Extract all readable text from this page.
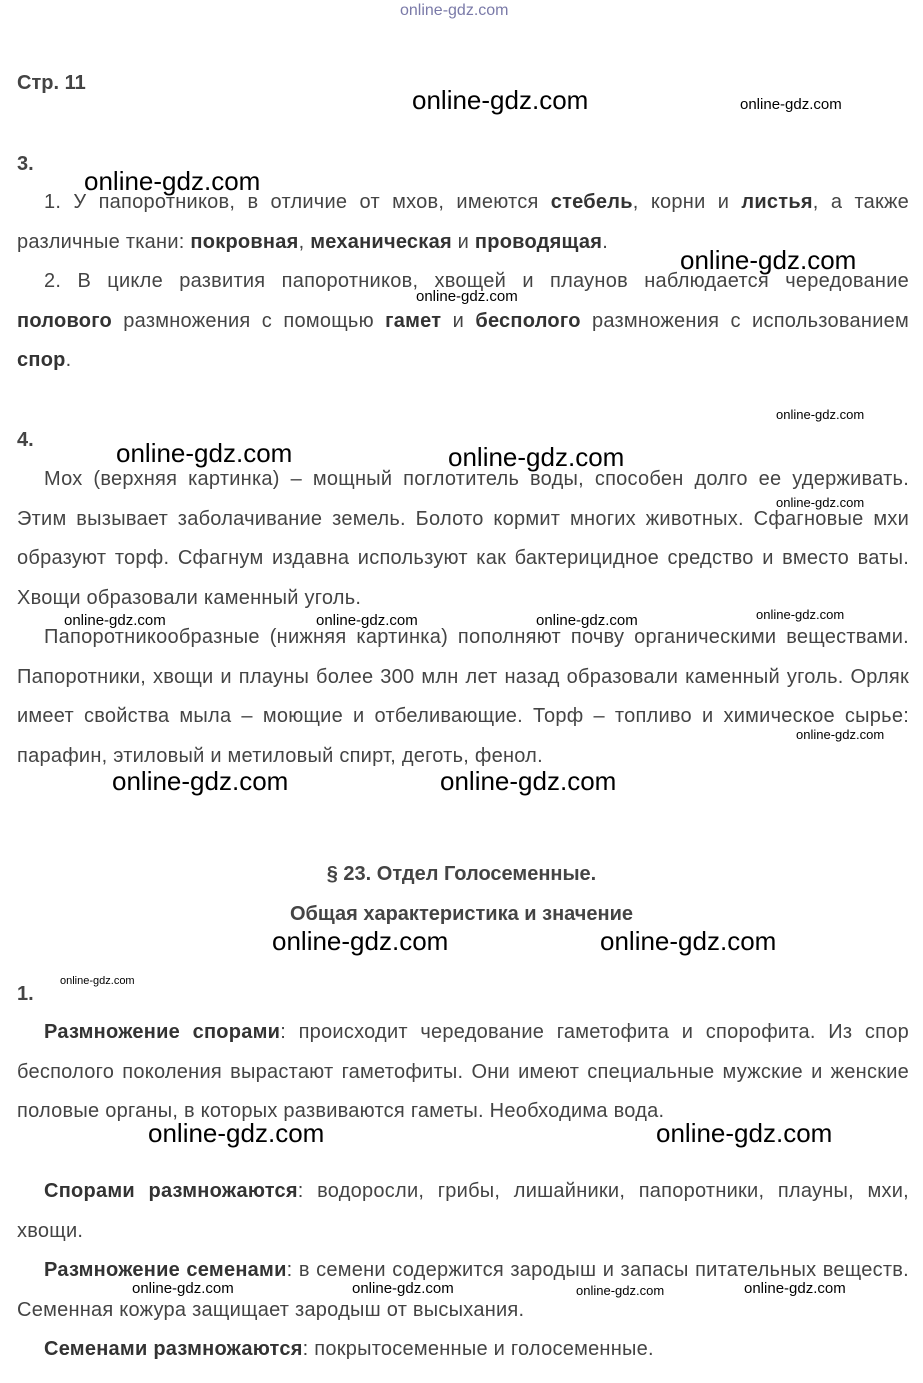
Стр. 11
3.

1. У папоротников, в отличие от мхов, имеются стебель, корни и листья, а также различные ткани: покровная, механическая и проводящая.

2. В цикле развития папоротников, хвощей и плаунов наблюдается чередование полового размножения с помощью гамет и бесполого размножения с использованием спор.

4.

Мох (верхняя картинка) – мощный поглотитель воды, способен долго ее удерживать. Этим вызывает заболачивание земель. Болото кормит многих животных. Сфагновые мхи образуют торф. Сфагнум издавна используют как бактерицидное средство и вместо ваты. Хвощи образовали каменный уголь.

Папоротникообразные (нижняя картинка) пополняют почву органическими веществами. Папоротники, хвощи и плауны более 300 млн лет назад образовали каменный уголь. Орляк имеет свойства мыла – моющие и отбеливающие. Торф – топливо и химическое сырье: парафин, этиловый и метиловый спирт, деготь, фенол.

§ 23. Отдел Голосеменные.
Общая характеристика и значение
1.

Размножение спорами: происходит чередование гаметофита и спорофита. Из спор бесполого поколения вырастают гаметофиты. Они имеют специальные мужские и женские половые органы, в которых развиваются гаметы. Необходима вода.

Спорами размножаются: водоросли, грибы, лишайники, папоротники, плауны, мхи, хвощи.

Размножение семенами: в семени содержится зародыш и запасы питательных веществ. Семенная кожура защищает зародыш от высыхания.

Семенами размножаются: покрытосеменные и голосеменные.

online-gdz.com
online-gdz.com	online-gdz.com
online-gdz.com
online-gdz.com
online-gdz.com
online-gdz.com
online-gdz.com	online-gdz.com
online-gdz.com
online-gdz.com
online-gdz.com	online-gdz.com	online-gdz.com
online-gdz.com
online-gdz.com	online-gdz.com
online-gdz.com	online-gdz.com
online-gdz.com
online-gdz.com	online-gdz.com
online-gdz.com	online-gdz.com	online-gdz.com	online-gdz.com
